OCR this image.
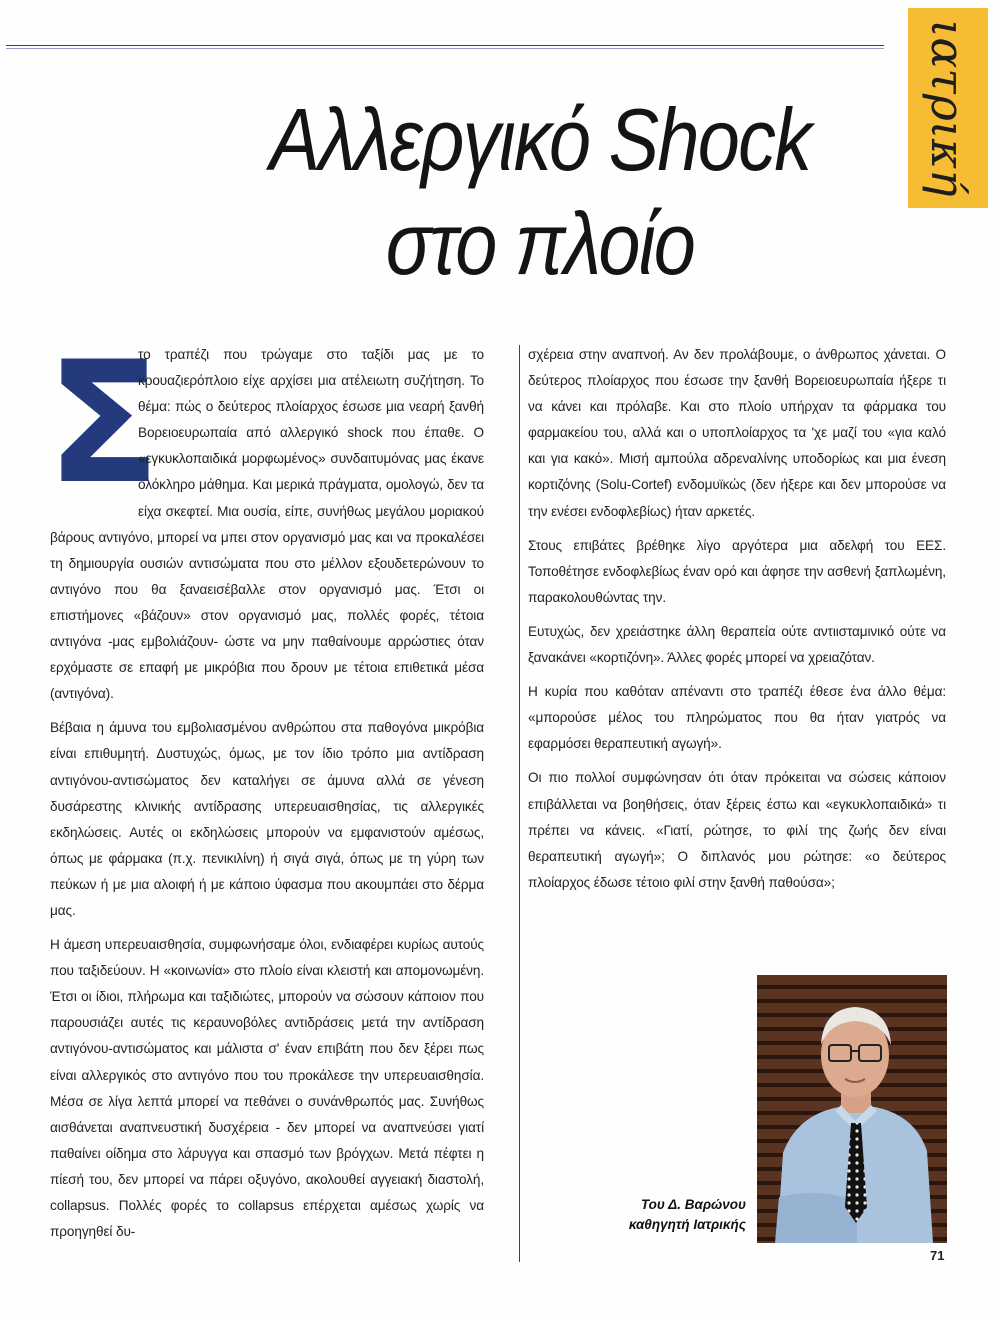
ιατρική
Αλλεργικό Shock
στο πλοίο
Σ

το τραπέζι που τρώγαμε στο ταξίδι μας με το κρουαζιερόπλοιο είχε αρχίσει μια ατέλειωτη συζήτηση. Το θέμα: πώς ο δεύτερος πλοίαρχος έσωσε μια νεαρή ξανθή Βορειοευρωπαία από αλλεργικό shock που έπαθε. Ο «εγκυκλοπαιδικά μορφωμένος» συνδαιτυμόνας μας έκανε ολόκληρο μάθημα. Και μερικά πράγματα, ομολογώ, δεν τα είχα σκεφτεί. Μια ουσία, είπε, συνήθως μεγάλου μοριακού βάρους αντιγόνο, μπορεί να μπει στον οργανισμό μας και να προκαλέσει τη δημιουργία ουσιών αντισώματα που στο μέλλον εξουδετερώνουν το αντιγόνο που θα ξαναεισέβαλλε στον οργανισμό μας. Έτσι οι επιστήμονες «βάζουν» στον οργανισμό μας, πολλές φορές, τέτοια αντιγόνα -μας εμβολιάζουν- ώστε να μην παθαίνουμε αρρώστιες όταν ερχόμαστε σε επαφή με μικρόβια που δρουν με τέτοια επιθετικά μέσα (αντιγόνα).

Βέβαια η άμυνα του εμβολιασμένου ανθρώπου στα παθογόνα μικρόβια είναι επιθυμητή. Δυστυχώς, όμως, με τον ίδιο τρόπο μια αντίδραση αντιγόνου-αντισώματος δεν καταλήγει σε άμυνα αλλά σε γένεση δυσάρεστης κλινικής αντίδρασης υπερευαισθησίας, τις αλλεργικές εκδηλώσεις. Αυτές οι εκδηλώσεις μπορούν να εμφανιστούν αμέσως, όπως με φάρμακα (π.χ. πενικιλίνη) ή σιγά σιγά, όπως με τη γύρη των πεύκων ή με μια αλοιφή ή με κάποιο ύφασμα που ακουμπάει στο δέρμα μας.

Η άμεση υπερευαισθησία, συμφωνήσαμε όλοι, ενδιαφέρει κυρίως αυτούς που ταξιδεύουν. Η «κοινωνία» στο πλοίο είναι κλειστή και απομονωμένη. Έτσι οι ίδιοι, πλήρωμα και ταξιδιώτες, μπορούν να σώσουν κάποιον που παρουσιάζει αυτές τις κεραυνοβόλες αντιδράσεις μετά την αντίδραση αντιγόνου-αντισώματος και μάλιστα σ' έναν επιβάτη που δεν ξέρει πως είναι αλλεργικός στο αντιγόνο που του προκάλεσε την υπερευαισθησία. Μέσα σε λίγα λεπτά μπορεί να πεθάνει ο συνάνθρωπός μας. Συνήθως αισθάνεται αναπνευστική δυσχέρεια - δεν μπορεί να αναπνεύσει γιατί παθαίνει οίδημα στο λάρυγγα και σπασμό των βρόγχων. Μετά πέφτει η πίεσή του, δεν μπορεί να πάρει οξυγόνο, ακολουθεί αγγειακή διαστολή, collapsus. Πολλές φορές το collapsus επέρχεται αμέσως χωρίς να προηγηθεί δυ-

σχέρεια στην αναπνοή. Αν δεν προλάβουμε, ο άνθρωπος χάνεται. Ο δεύτερος πλοίαρχος που έσωσε την ξανθή Βορειοευρωπαία ήξερε τι να κάνει και πρόλαβε. Και στο πλοίο υπήρχαν τα φάρμακα του φαρμακείου του, αλλά και ο υποπλοίαρχος τα 'χε μαζί του «για καλό και για κακό». Μισή αμπούλα αδρεναλίνης υποδορίως και μια ένεση κορτιζόνης (Solu-Cortef) ενδομυϊκώς (δεν ήξερε και δεν μπορούσε να την ενέσει ενδοφλεβίως) ήταν αρκετές.

Στους επιβάτες βρέθηκε λίγο αργότερα μια αδελφή του ΕΕΣ. Τοποθέτησε ενδοφλεβίως έναν ορό και άφησε την ασθενή ξαπλωμένη, παρακολουθώντας την.

Ευτυχώς, δεν χρειάστηκε άλλη θεραπεία ούτε αντιισταμινικό ούτε να ξανακάνει «κορτιζόνη». Άλλες φορές μπορεί να χρειαζόταν.

Η κυρία που καθόταν απέναντι στο τραπέζι έθεσε ένα άλλο θέμα: «μπορούσε μέλος του πληρώματος που θα ήταν γιατρός να εφαρμόσει θεραπευτική αγωγή».

Οι πιο πολλοί συμφώνησαν ότι όταν πρόκειται να σώσεις κάποιον επιβάλλεται να βοηθήσεις, όταν ξέρεις έστω και «εγκυκλοπαιδικά» τι πρέπει να κάνεις. «Γιατί, ρώτησε, το φιλί της ζωής δεν είναι θεραπευτική αγωγή»; Ο διπλανός μου ρώτησε: «ο δεύτερος πλοίαρχος έδωσε τέτοιο φιλί στην ξανθή παθούσα»;

Του Δ. Βαρώνου
καθηγητή Ιατρικής
71
